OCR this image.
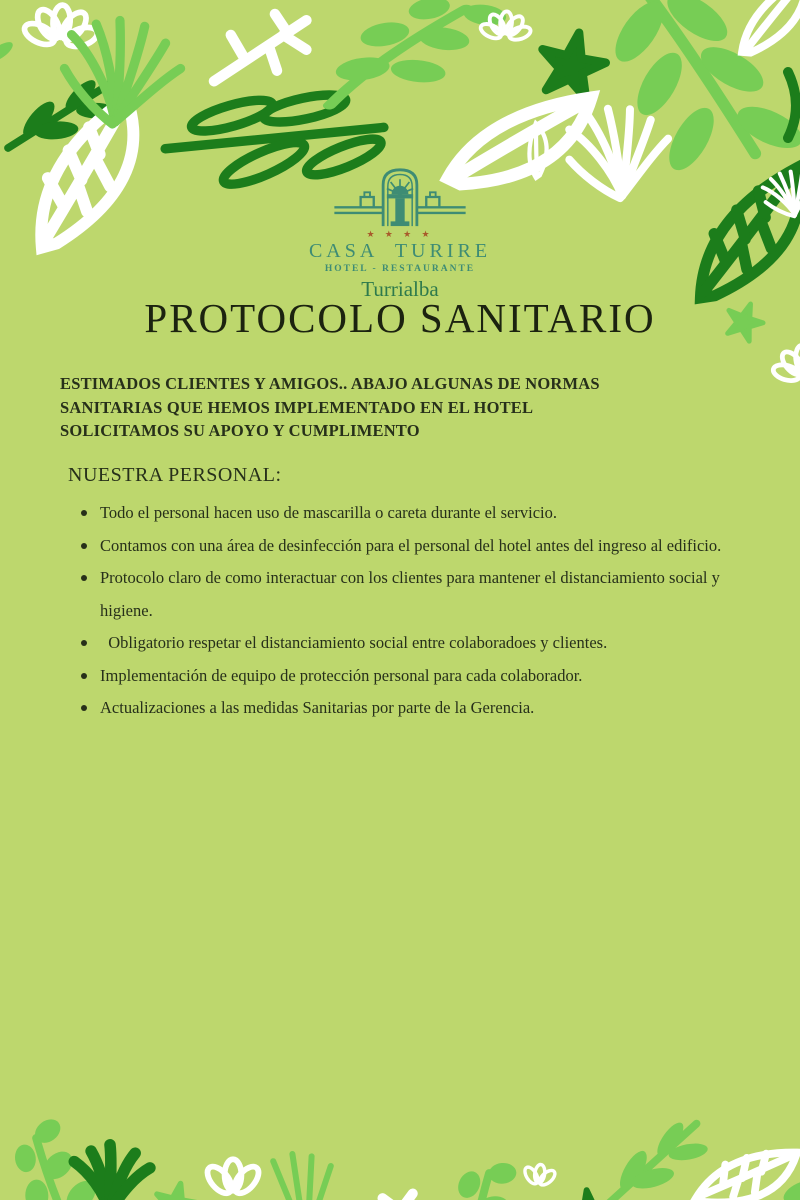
★ ★ ★ ★
CASA  TURIRE
HOTEL - RESTAURANTE
Turrialba
PROTOCOLO SANITARIO
ESTIMADOS CLIENTES Y AMIGOS.. ABAJO ALGUNAS DE NORMAS
SANITARIAS QUE HEMOS IMPLEMENTADO EN EL HOTEL
SOLICITAMOS SU APOYO Y CUMPLIMENTO
NUESTRA PERSONAL:
Todo el personal hacen uso de mascarilla o careta durante el servicio.
Contamos con una área de desinfección para el personal del hotel antes del ingreso al edificio.
Protocolo claro de como interactuar con los clientes para mantener el distanciamiento social y higiene.
Obligatorio respetar el distanciamiento social entre colaboradoes y clientes.
Implementación de equipo de protección personal para cada colaborador.
Actualizaciones a las medidas Sanitarias por parte de la Gerencia.
